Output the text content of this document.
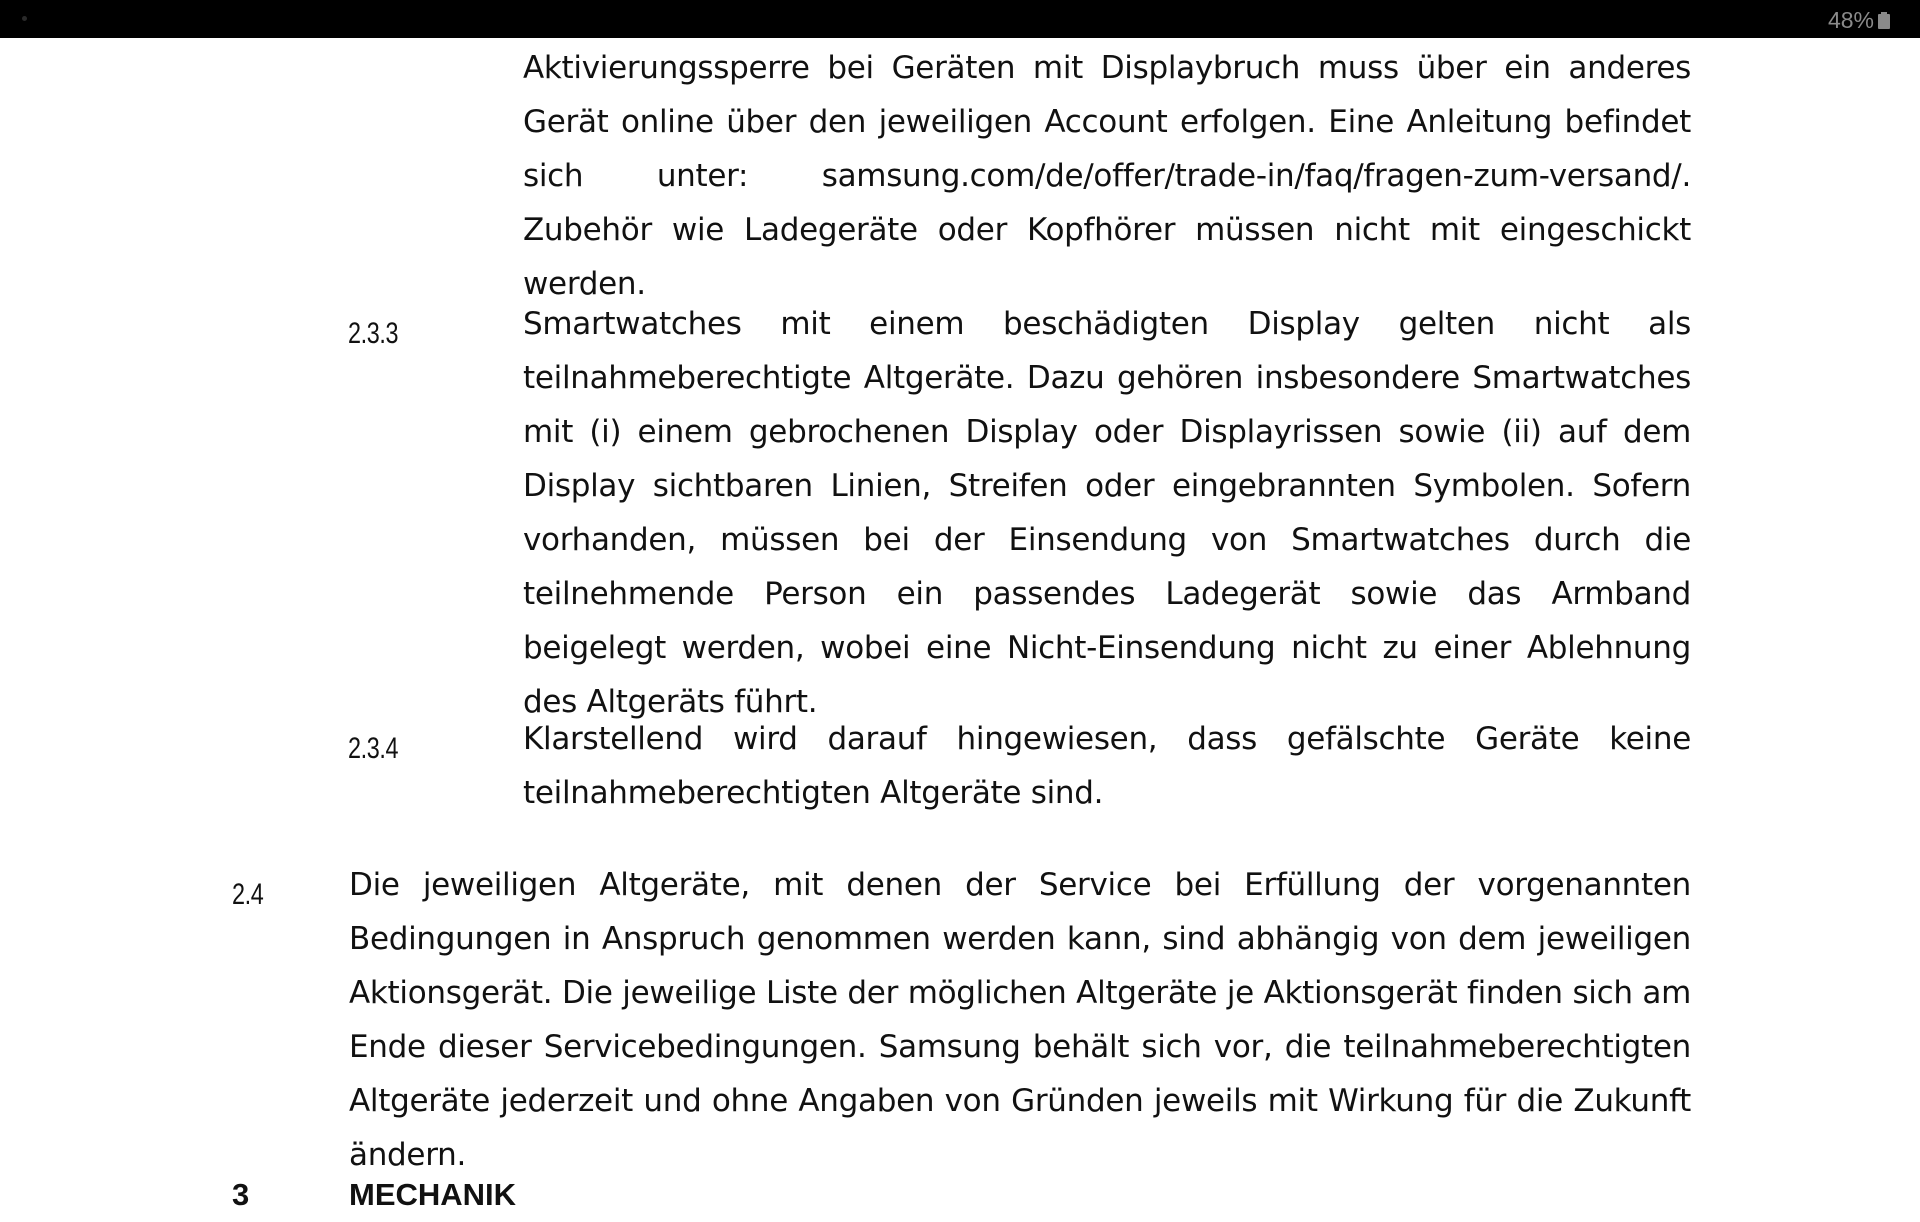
48%

Aktivierungssperre bei Geräten mit Displaybruch muss über ein anderes Gerät online über den jeweiligen Account erfolgen. Eine Anleitung befindet sich unter: samsung.com/de/offer/trade-in/faq/fragen-zum-versand/. Zubehör wie Ladegeräte oder Kopfhörer müssen nicht mit eingeschickt werden.

2.3.3	Smartwatches mit einem beschädigten Display gelten nicht als teilnahmeberechtigte Altgeräte. Dazu gehören insbesondere Smartwatches mit (i) einem gebrochenen Display oder Displayrissen sowie (ii) auf dem Display sichtbaren Linien, Streifen oder eingebrannten Symbolen. Sofern vorhanden, müssen bei der Einsendung von Smartwatches durch die teilnehmende Person ein passendes Ladegerät sowie das Armband beigelegt werden, wobei eine Nicht-Einsendung nicht zu einer Ablehnung des Altgeräts führt.

2.3.4	Klarstellend wird darauf hingewiesen, dass gefälschte Geräte keine teilnahmeberechtigten Altgeräte sind.

2.4	Die jeweiligen Altgeräte, mit denen der Service bei Erfüllung der vorgenannten Bedingungen in Anspruch genommen werden kann, sind abhängig von dem jeweiligen Aktionsgerät. Die jeweilige Liste der möglichen Altgeräte je Aktionsgerät finden sich am Ende dieser Servicebedingungen. Samsung behält sich vor, die teilnahmeberechtigten Altgeräte jederzeit und ohne Angaben von Gründen jeweils mit Wirkung für die Zukunft ändern.

3	MECHANIK
